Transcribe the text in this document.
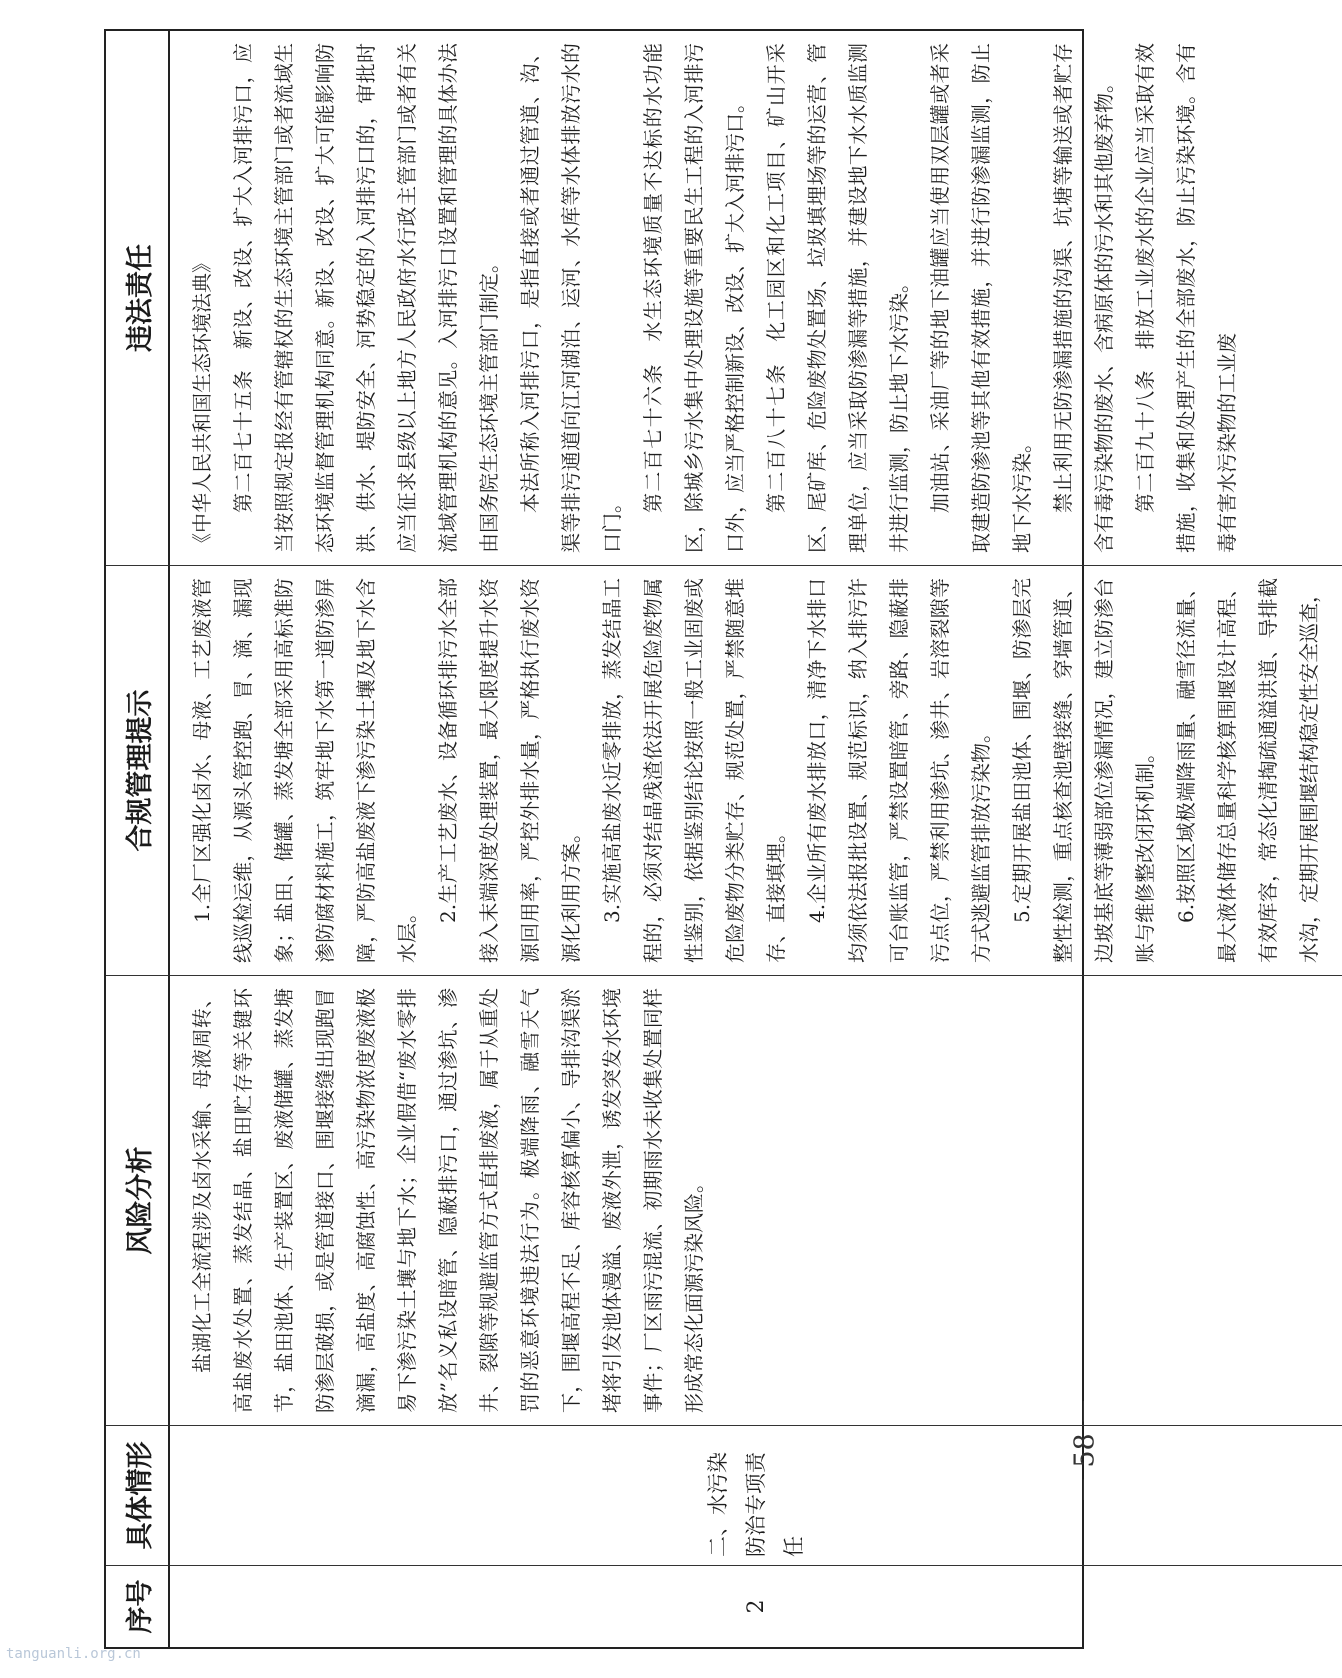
序号
具体情形
风险分析
合规管理提示
违法责任
2
二、水污染防治专项责任

盐湖化工全流程涉及卤水采输、母液周转、高盐废水处置、蒸发结晶、盐田贮存等关键环节，盐田池体、生产装置区、废液储罐、蒸发塘防渗层破损，或是管道接口、围堰接缝出现跑冒滴漏，高盐度、高腐蚀性、高污染物浓度废液极易下渗污染土壤与地下水；企业假借“废水零排放”名义私设暗管、隐蔽排污口，通过渗坑、渗井、裂隙等规避监管方式直排废液，属于从重处罚的恶意环境违法行为。极端降雨、融雪天气下，围堰高程不足、库容核算偏小、导排沟渠淤堵将引发池体漫溢、废液外泄，诱发突发水环境事件；厂区雨污混流、初期雨水未收集处置同样形成常态化面源污染风险。

1.全厂区强化卤水、母液、工艺废液管线巡检运维，从源头管控跑、冒、滴、漏现象；盐田、储罐、蒸发塘全部采用高标准防渗防腐材料施工，筑牢地下水第一道防渗屏障，严防高盐废液下渗污染土壤及地下水含水层。

2.生产工艺废水、设备循环排污水全部接入末端深度处理装置，最大限度提升水资源回用率，严控外排水量，严格执行废水资源化利用方案。 3.实施高盐废水近零排放，蒸发结晶工程的，必须对结晶残渣依法开展危险废物属性鉴别，依据鉴别结论按照一般工业固废或危险废物分类贮存、规范处置，严禁随意堆存、直接填埋。 4.企业所有废水排放口，清净下水排口均须依法报批设置、规范标识，纳入排污许可台账监管，严禁设置暗管、旁路、隐蔽排污点位，严禁利用渗坑、渗井、岩溶裂隙等方式逃避监管排放污染物。 5.定期开展盐田池体、围堰、防渗层完整性检测，重点核查池壁接缝、穿墙管道、边坡基底等薄弱部位渗漏情况，建立防渗台账与维修整改闭环机制。 6.按照区域极端降雨量、融雪径流量、最大液体储存总量科学核算围堰设计高程、有效库容，常态化清掏疏通溢洪道、导排截水沟，定期开展围堰结构稳定性安全巡查，

《中华人民共和国生态环境法典》 第二百七十五条　新设、改设、扩大入河排污口，应当按照规定报经有管辖权的生态环境主管部门或者流域生态环境监督管理机构同意。新设、改设、扩大可能影响防洪、供水、堤防安全、河势稳定的入河排污口的，审批时应当征求县级以上地方人民政府水行政主管部门或者有关流域管理机构的意见。入河排污口设置和管理的具体办法由国务院生态环境主管部门制定。 本法所称入河排污口，是指直接或者通过管道、沟、渠等排污通道向江河湖泊、运河、水库等水体排放污水的口门。

第二百七十六条　水生态环境质量不达标的水功能区，除城乡污水集中处理设施等重要民生工程的入河排污口外，应当严格控制新设、改设、扩大入河排污口。 第二百八十七条　化工园区和化工项目、矿山开采区、尾矿库、危险废物处置场、垃圾填埋场等的运营、管理单位，应当采取防渗漏等措施，并建设地下水水质监测井进行监测，防止地下水污染。 加油站、采油厂等的地下油罐应当使用双层罐或者采取建造防渗池等其他有效措施，并进行防渗漏监测，防止地下水污染。 禁止利用无防渗漏措施的沟渠、坑塘等输送或者贮存含有毒污染物的废水、含病原体的污水和其他废弃物。 第二百九十八条　排放工业废水的企业应当采取有效措施，收集和处理产生的全部废水，防止污染环境。含有毒有害水污染物的工业废

－ 58 －
tanguanli.org.cn
